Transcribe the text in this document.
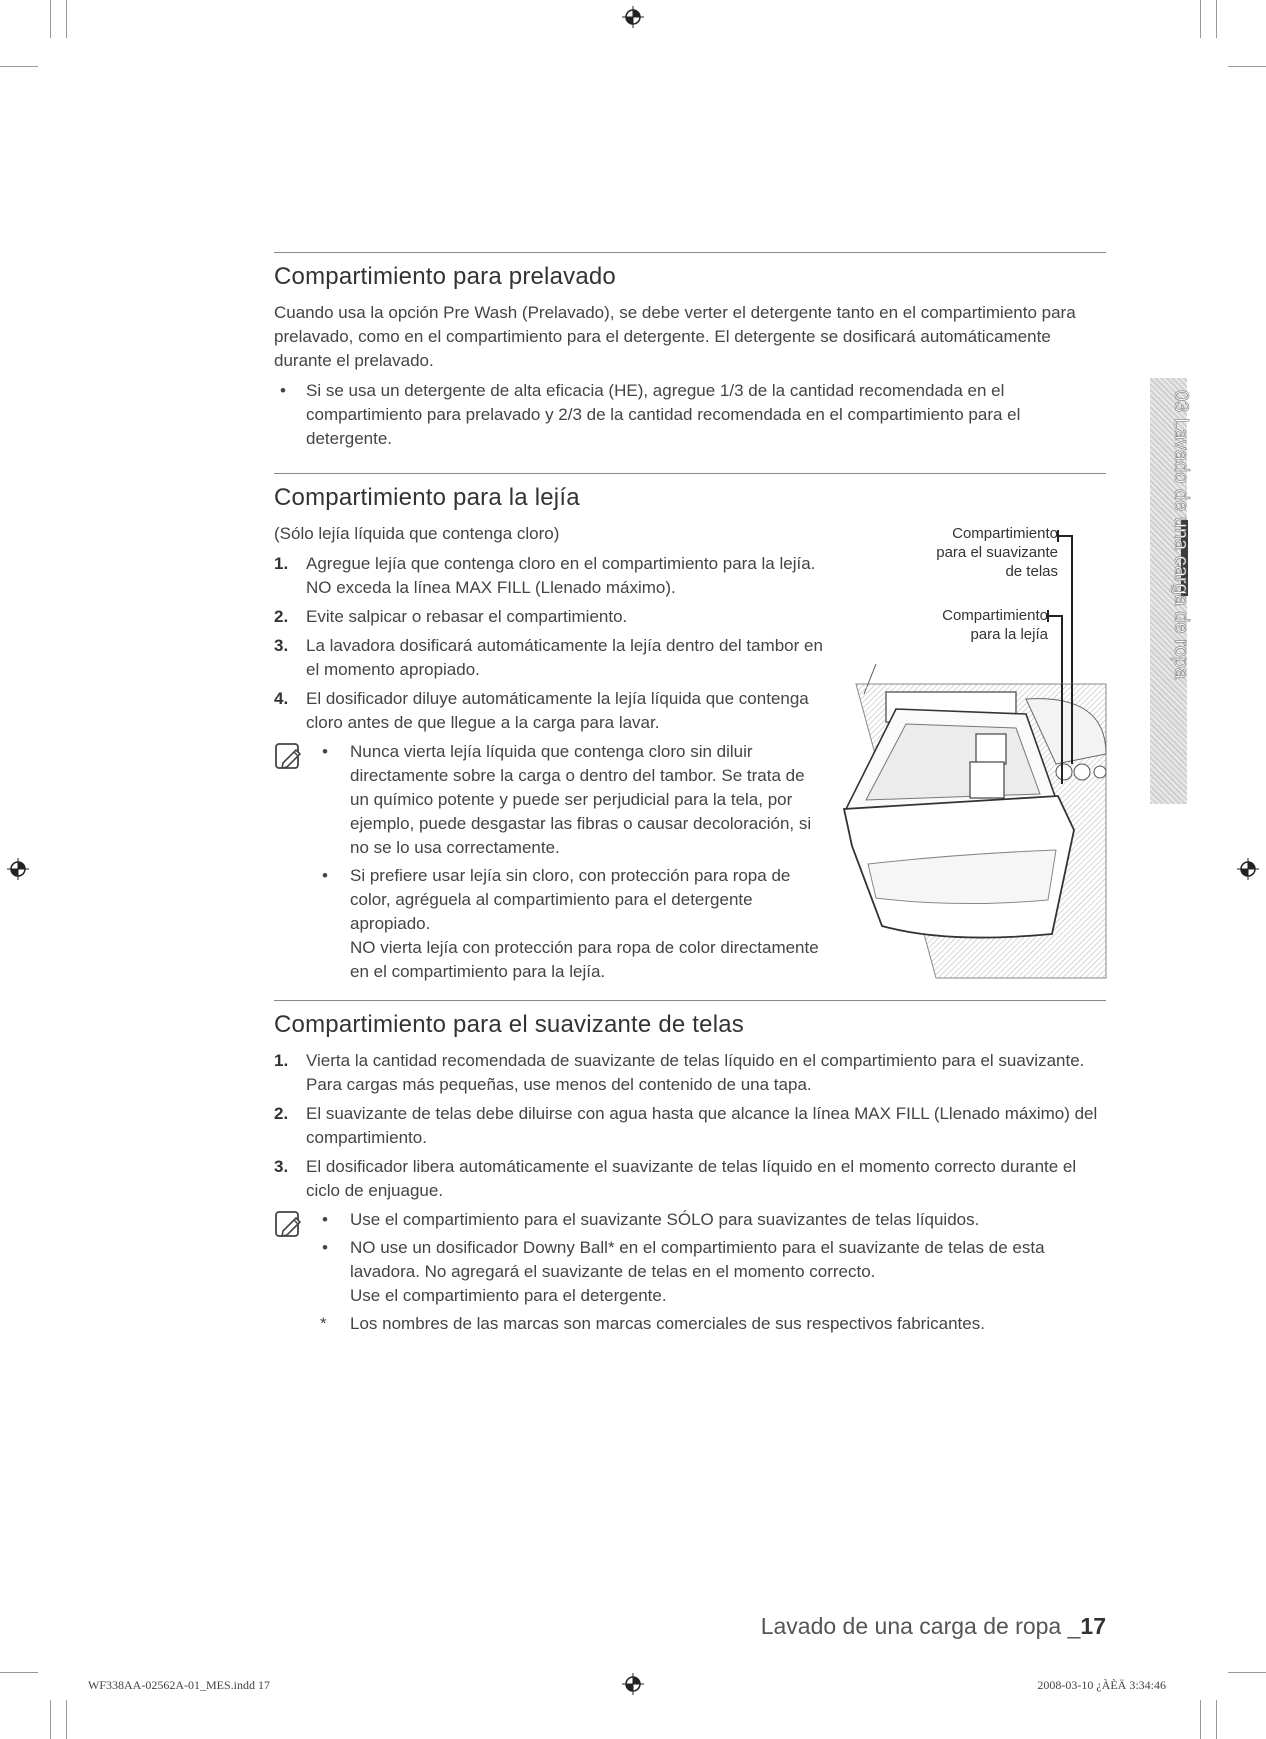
03 Lavado de una carga de ropa
Compartimiento para prelavado

Cuando usa la opción Pre Wash (Prelavado), se debe verter el detergente tanto en el compartimiento para prelavado, como en el compartimiento para el detergente. El detergente se dosificará automáticamente durante el prelavado.

• Si se usa un detergente de alta eficacia (HE), agregue 1/3 de la cantidad recomendada en el compartimiento para prelavado y 2/3 de la cantidad recomendada en el compartimiento para el detergente.
Compartimiento para la lejía

(Sólo lejía líquida que contenga cloro)

1. Agregue lejía que contenga cloro en el compartimiento para la lejía.
NO exceda la línea MAX FILL (Llenado máximo).
2. Evite salpicar o rebasar el compartimiento.
3. La lavadora dosificará automáticamente la lejía dentro del tambor en el momento apropiado.
4. El dosificador diluye automáticamente la lejía líquida que contenga cloro antes de que llegue a la carga para lavar.
• Nunca vierta lejía líquida que contenga cloro sin diluir directamente sobre la carga o dentro del tambor. Se trata de un químico potente y puede ser perjudicial para la tela, por ejemplo, puede desgastar las fibras o causar decoloración, si no se lo usa correctamente.
• Si prefiere usar lejía sin cloro, con protección para ropa de color, agréguela al compartimiento para el detergente apropiado.
NO vierta lejía con protección para ropa de color directamente en el compartimiento para la lejía.
Compartimiento para el suavizante de telas
1. Vierta la cantidad recomendada de suavizante de telas líquido en el compartimiento para el suavizante.
Para cargas más pequeñas, use menos del contenido de una tapa.
2. El suavizante de telas debe diluirse con agua hasta que alcance la línea MAX FILL (Llenado máximo) del compartimiento.
3. El dosificador libera automáticamente el suavizante de telas líquido en el momento correcto durante el ciclo de enjuague.
• Use el compartimiento para el suavizante SÓLO para suavizantes de telas líquidos.
• NO use un dosificador Downy Ball* en el compartimiento para el suavizante de telas de esta lavadora. No agregará el suavizante de telas en el momento correcto.
Use el compartimiento para el detergente.
* Los nombres de las marcas son marcas comerciales de sus respectivos fabricantes.
Compartimiento
para el suavizante
de telas
Compartimiento
para la lejía
Lavado de una carga de ropa _17
WF338AA-02562A-01_MES.indd 17	2008-03-10 ¿ÀÈÄ 3:34:46
